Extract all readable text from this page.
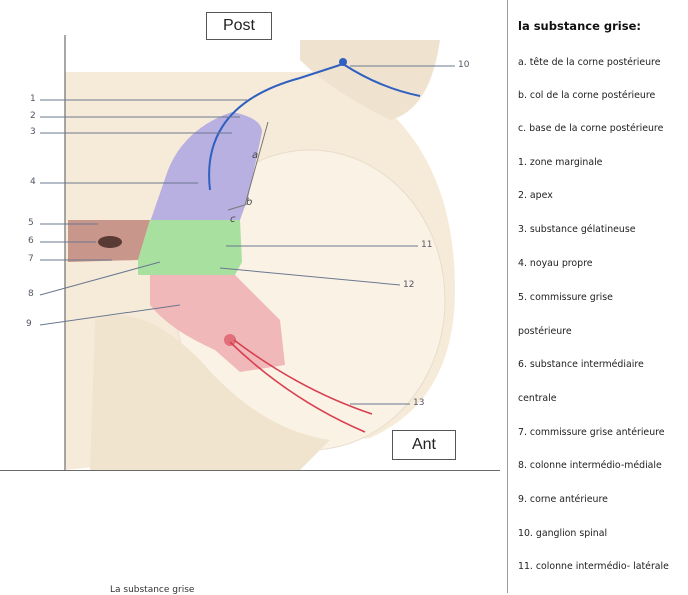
1
2
3
4
5
6
7
8
9
10
11
12
13
a
b
c
Post
Ant
la substance grise:
a. tête de la corne postérieure
b. col de la corne postérieure
c. base de la corne postérieure
1. zone marginale
2. apex
3. substance gélatineuse
4. noyau propre
5. commissure grise
postérieure
6. substance intermédiaire
centrale
7. commissure grise antérieure
8. colonne intermédio-médiale
9. corne antérieure
10. ganglion spinal
11. colonne intermédio- latérale
La substance grise
